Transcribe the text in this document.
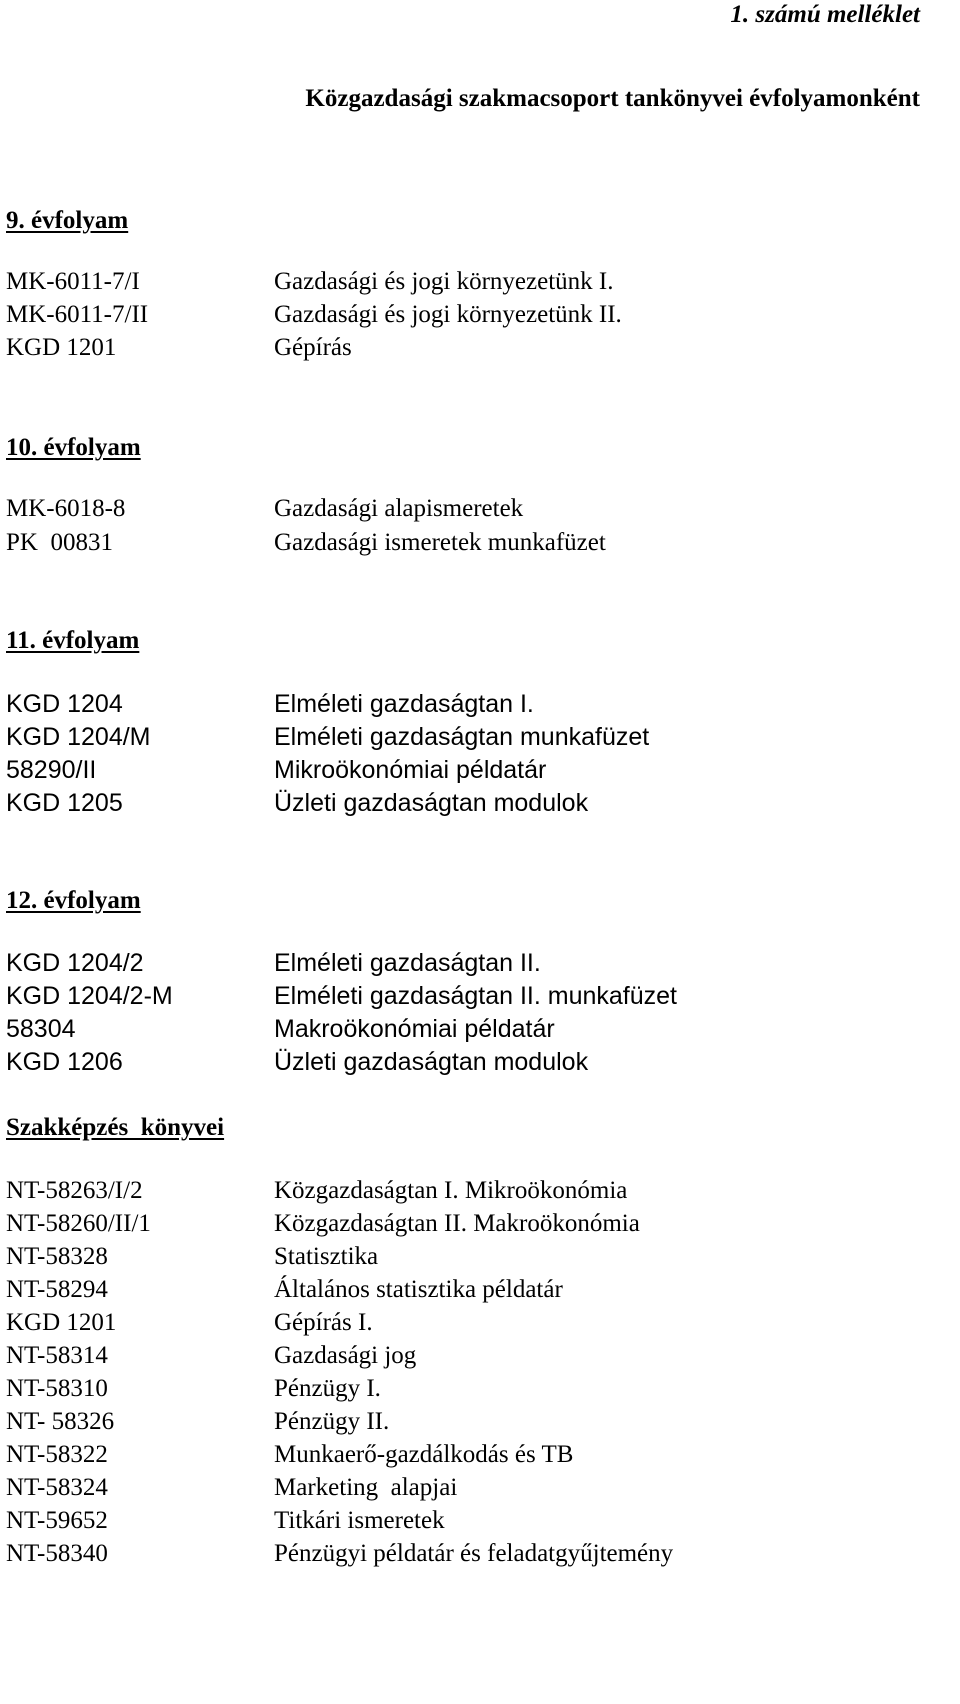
1. számú melléklet

Közgazdasági szakmacsoport tankönyvei évfolyamonként

9. évfolyam

MK-6011-7/I	Gazdasági és jogi környezetünk I.
MK-6011-7/II	Gazdasági és jogi környezetünk II.
KGD 1201	Gépírás

10. évfolyam

MK-6018-8	Gazdasági alapismeretek
PK  00831	Gazdasági ismeretek munkafüzet

11. évfolyam

KGD 1204	Elméleti gazdaságtan I.
KGD 1204/M	Elméleti gazdaságtan munkafüzet
58290/II	Mikroökonómiai példatár
KGD 1205	Üzleti gazdaságtan modulok

12. évfolyam

KGD 1204/2	Elméleti gazdaságtan II.
KGD 1204/2-M	Elméleti gazdaságtan II. munkafüzet
58304	Makroökonómiai példatár
KGD 1206	Üzleti gazdaságtan modulok

Szakképzés  könyvei

NT-58263/I/2	Közgazdaságtan I. Mikroökonómia
NT-58260/II/1	Közgazdaságtan II. Makroökonómia
NT-58328	Statisztika
NT-58294	Általános statisztika példatár
KGD 1201	Gépírás I.
NT-58314	Gazdasági jog
NT-58310	Pénzügy I.
NT- 58326	Pénzügy II.
NT-58322	Munkaerő-gazdálkodás és TB
NT-58324	Marketing  alapjai
NT-59652	Titkári ismeretek
NT-58340	Pénzügyi példatár és feladatgyűjtemény
